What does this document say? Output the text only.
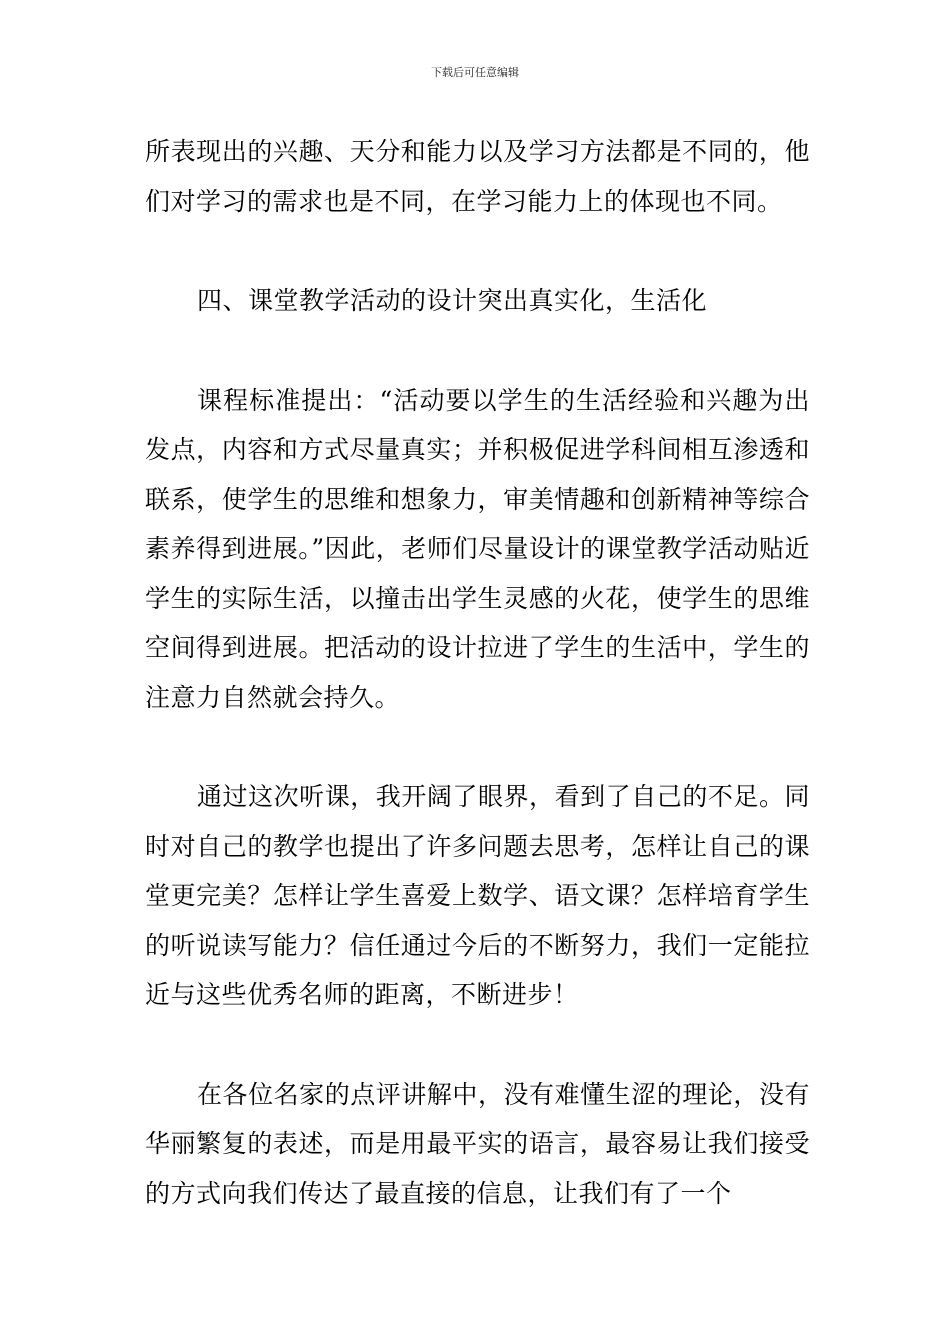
下载后可任意编辑

所表现出的兴趣、天分和能力以及学习方法都是不同的，他们对学习的需求也是不同，在学习能力上的体现也不同。

四、课堂教学活动的设计突出真实化，生活化

课程标准提出：“活动要以学生的生活经验和兴趣为出发点，内容和方式尽量真实；并积极促进学科间相互渗透和联系，使学生的思维和想象力，审美情趣和创新精神等综合素养得到进展。”因此，老师们尽量设计的课堂教学活动贴近学生的实际生活，以撞击出学生灵感的火花，使学生的思维空间得到进展。把活动的设计拉进了学生的生活中，学生的注意力自然就会持久。

通过这次听课，我开阔了眼界，看到了自己的不足。同时对自己的教学也提出了许多问题去思考，怎样让自己的课堂更完美？怎样让学生喜爱上数学、语文课？怎样培育学生的听说读写能力？信任通过今后的不断努力，我们一定能拉近与这些优秀名师的距离，不断进步！

在各位名家的点评讲解中，没有难懂生涩的理论，没有华丽繁复的表述，而是用最平实的语言，最容易让我们接受的方式向我们传达了最直接的信息，让我们有了一个
